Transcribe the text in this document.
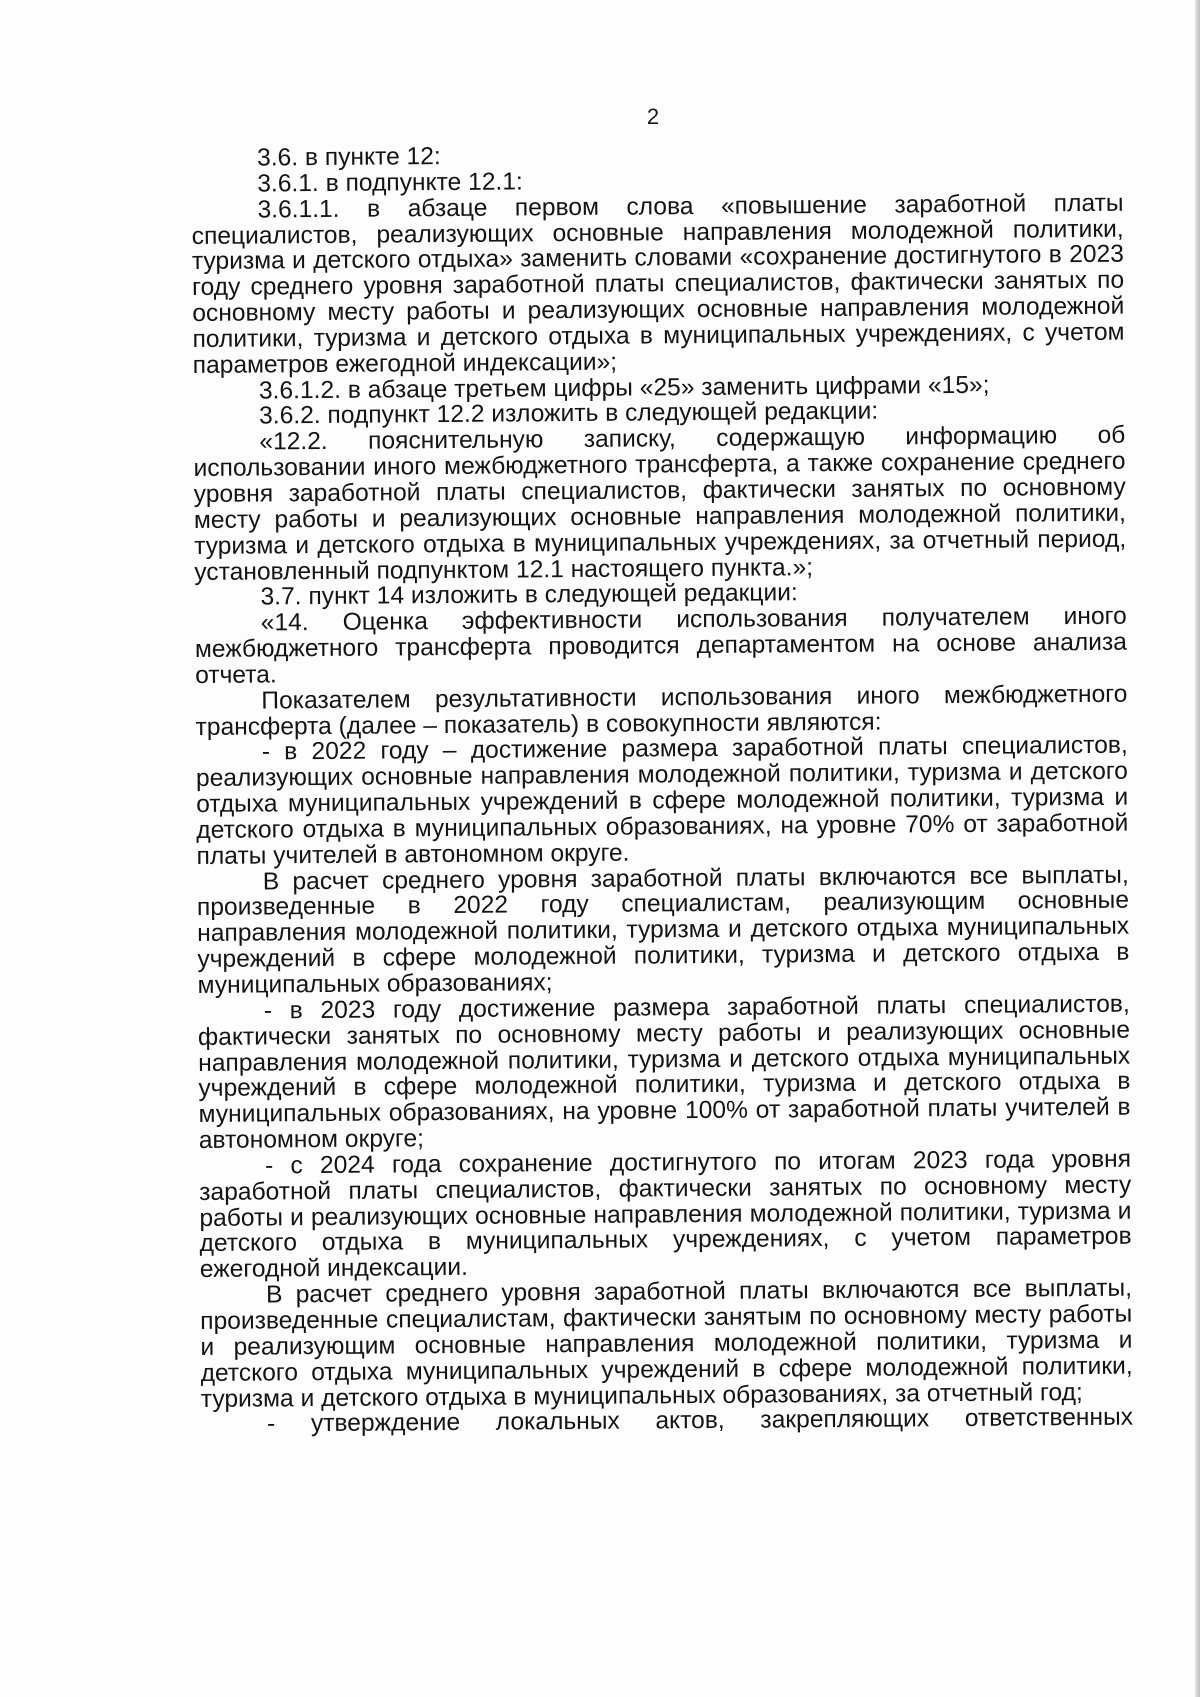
2

3.6. в пункте 12:

3.6.1. в подпункте 12.1:

3.6.1.1. в абзаце первом слова «повышение заработной платы специалистов, реализующих основные направления молодежной политики, туризма и детского отдыха» заменить словами «сохранение достигнутого в 2023 году среднего уровня заработной платы специалистов, фактически занятых по основному месту работы и реализующих основные направления молодежной политики, туризма и детского отдыха в муниципальных учреждениях, с учетом параметров ежегодной индексации»;

3.6.1.2. в абзаце третьем цифры «25» заменить цифрами «15»;

3.6.2. подпункт 12.2 изложить в следующей редакции:

«12.2. пояснительную записку, содержащую информацию об использовании иного межбюджетного трансферта, а также сохранение среднего уровня заработной платы специалистов, фактически занятых по основному месту работы и реализующих основные направления молодежной политики, туризма и детского отдыха в муниципальных учреждениях, за отчетный период, установленный подпунктом 12.1 настоящего пункта.»;

3.7. пункт 14 изложить в следующей редакции:

«14. Оценка эффективности использования получателем иного межбюджетного трансферта проводится департаментом на основе анализа отчета.

Показателем результативности использования иного межбюджетного трансферта (далее – показатель) в совокупности являются:

- в 2022 году – достижение размера заработной платы специалистов, реализующих основные направления молодежной политики, туризма и детского отдыха муниципальных учреждений в сфере молодежной политики, туризма и детского отдыха в муниципальных образованиях, на уровне 70% от заработной платы учителей в автономном округе.

В расчет среднего уровня заработной платы включаются все выплаты, произведенные в 2022 году специалистам, реализующим основные направления молодежной политики, туризма и детского отдыха муниципальных учреждений в сфере молодежной политики, туризма и детского отдыха в муниципальных образованиях;

- в 2023 году достижение размера заработной платы специалистов, фактически занятых по основному месту работы и реализующих основные направления молодежной политики, туризма и детского отдыха муниципальных учреждений в сфере молодежной политики, туризма и детского отдыха в муниципальных образованиях, на уровне 100% от заработной платы учителей в автономном округе;

- с 2024 года сохранение достигнутого по итогам 2023 года уровня заработной платы специалистов, фактически занятых по основному месту работы и реализующих основные направления молодежной политики, туризма и детского отдыха в муниципальных учреждениях, с учетом параметров ежегодной индексации.

В расчет среднего уровня заработной платы включаются все выплаты, произведенные специалистам, фактически занятым по основному месту работы и реализующим основные направления молодежной политики, туризма и детского отдыха муниципальных учреждений в сфере молодежной политики, туризма и детского отдыха в муниципальных образованиях, за отчетный год;

- утверждение локальных актов, закрепляющих ответственных
